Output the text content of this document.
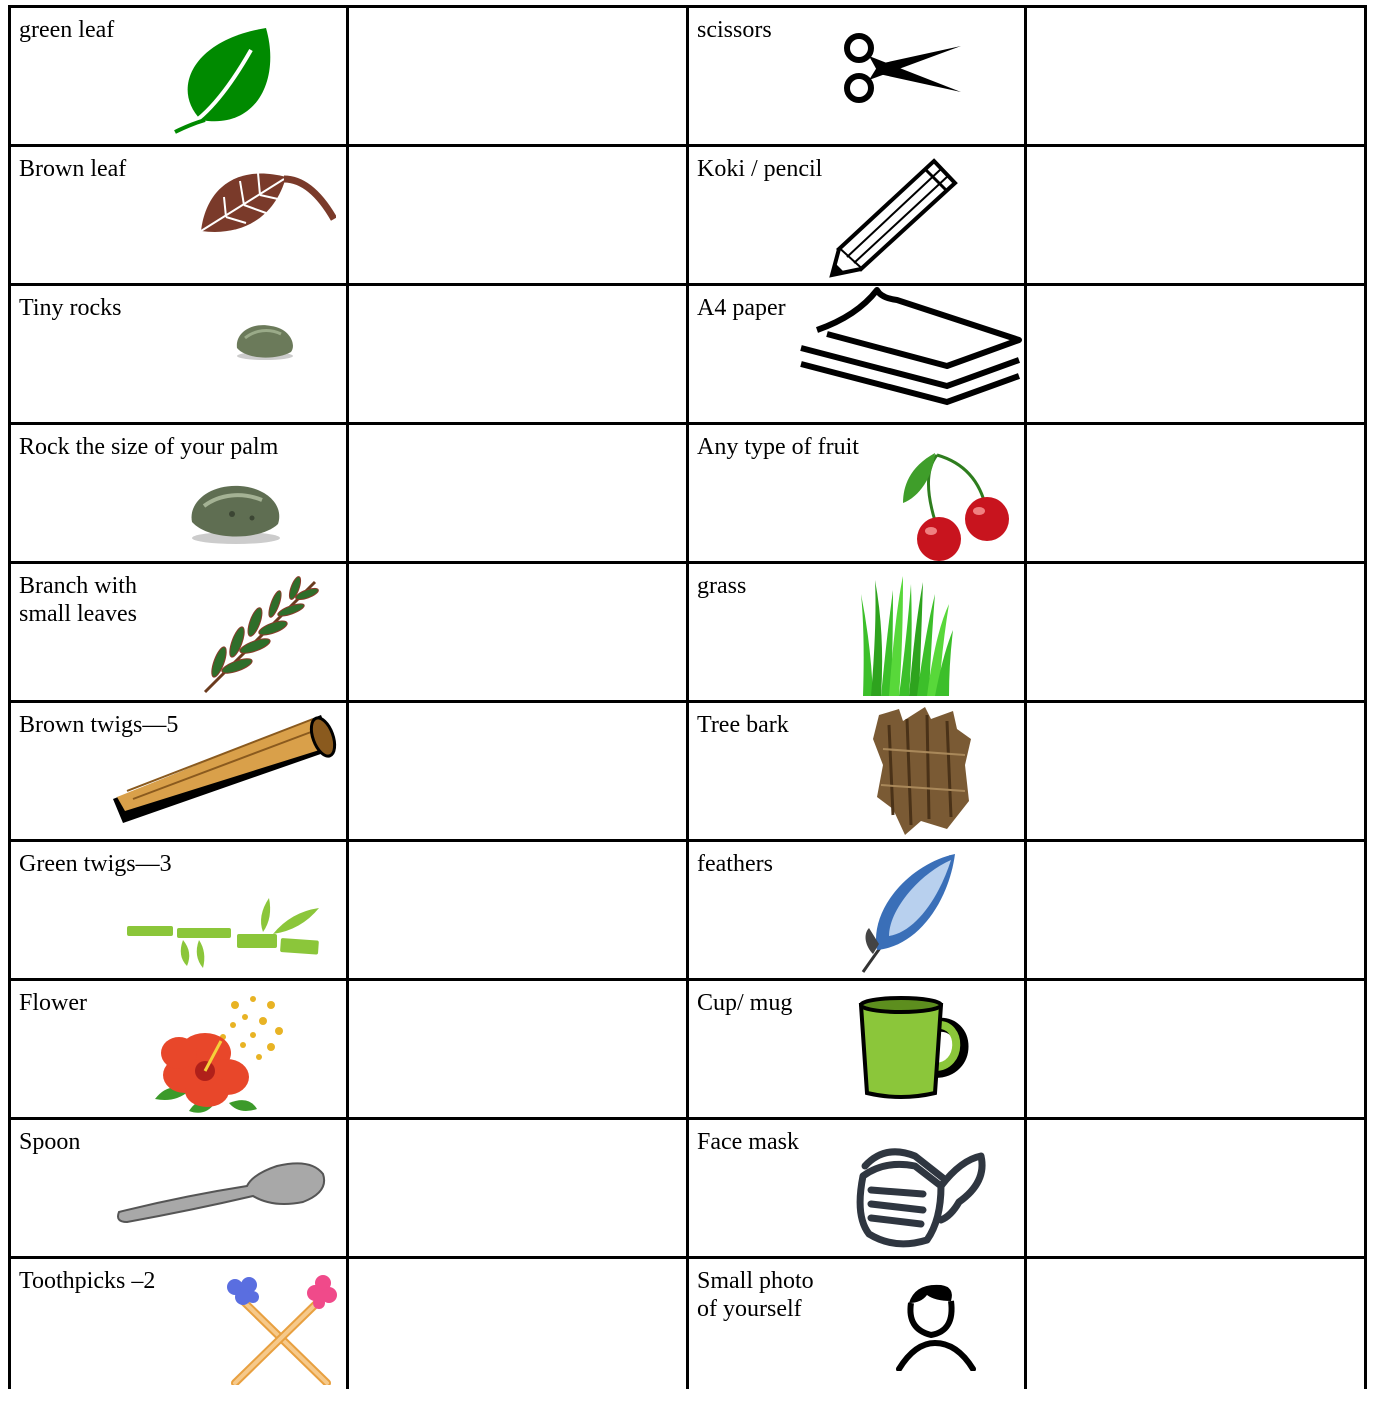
green leaf		scissors	

Brown leaf		Koki / pencil	

Tiny rocks		A4 paper	

Rock the size of your palm		Any type of fruit	

Branch with
small leaves		grass	

Brown twigs—5		Tree bark	

Green twigs—3		feathers	

Flower		Cup/ mug	

Spoon		Face mask	

Toothpicks –2		Small photo
of yourself	
